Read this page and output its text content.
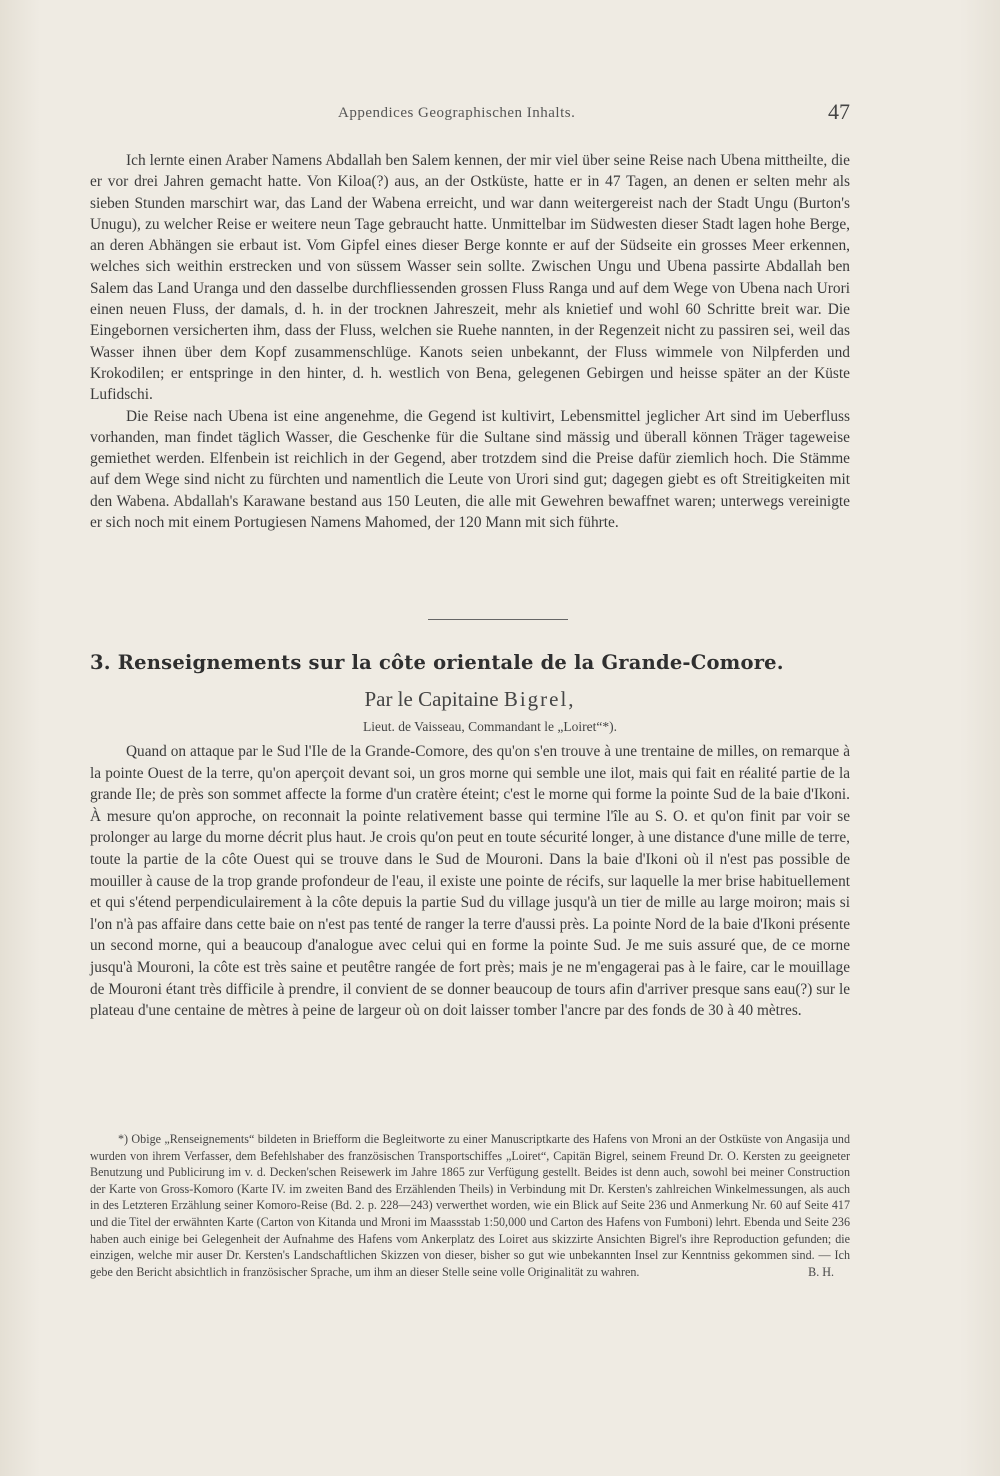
Appendices Geographischen Inhalts.	47

Ich lernte einen Araber Namens Abdallah ben Salem kennen, der mir viel über seine Reise nach Ubena mittheilte, die er vor drei Jahren gemacht hatte. Von Kiloa(?) aus, an der Ostküste, hatte er in 47 Tagen, an denen er selten mehr als sieben Stunden marschirt war, das Land der Wabena erreicht, und war dann weitergereist nach der Stadt Ungu (Burton's Unugu), zu welcher Reise er weitere neun Tage gebraucht hatte. Unmittelbar im Südwesten dieser Stadt lagen hohe Berge, an deren Abhängen sie erbaut ist. Vom Gipfel eines dieser Berge konnte er auf der Südseite ein grosses Meer erkennen, welches sich weithin erstrecken und von süssem Wasser sein sollte. Zwischen Ungu und Ubena passirte Abdallah ben Salem das Land Uranga und den dasselbe durchfliessenden grossen Fluss Ranga und auf dem Wege von Ubena nach Urori einen neuen Fluss, der damals, d. h. in der trocknen Jahreszeit, mehr als knietief und wohl 60 Schritte breit war. Die Eingebornen versicherten ihm, dass der Fluss, welchen sie Ruehe nannten, in der Regenzeit nicht zu passiren sei, weil das Wasser ihnen über dem Kopf zusammenschlüge. Kanots seien unbekannt, der Fluss wimmele von Nilpferden und Krokodilen; er entspringe in den hinter, d. h. westlich von Bena, gelegenen Gebirgen und heisse später an der Küste Lufidschi.

Die Reise nach Ubena ist eine angenehme, die Gegend ist kultivirt, Lebensmittel jeglicher Art sind im Ueberfluss vorhanden, man findet täglich Wasser, die Geschenke für die Sultane sind mässig und überall können Träger tageweise gemiethet werden. Elfenbein ist reichlich in der Gegend, aber trotzdem sind die Preise dafür ziemlich hoch. Die Stämme auf dem Wege sind nicht zu fürchten und namentlich die Leute von Urori sind gut; dagegen giebt es oft Streitigkeiten mit den Wabena. Abdallah's Karawane bestand aus 150 Leuten, die alle mit Gewehren bewaffnet waren; unterwegs vereinigte er sich noch mit einem Portugiesen Namens Mahomed, der 120 Mann mit sich führte.

3. Renseignements sur la côte orientale de la Grande-Comore.
Par le Capitaine Bigrel,
Lieut. de Vaisseau, Commandant le „Loiret“*).

Quand on attaque par le Sud l'Ile de la Grande-Comore, des qu'on s'en trouve à une trentaine de milles, on remarque à la pointe Ouest de la terre, qu'on aperçoit devant soi, un gros morne qui semble une ilot, mais qui fait en réalité partie de la grande Ile; de près son sommet affecte la forme d'un cratère éteint; c'est le morne qui forme la pointe Sud de la baie d'Ikoni. À mesure qu'on approche, on reconnait la pointe relativement basse qui termine l'île au S. O. et qu'on finit par voir se prolonger au large du morne décrit plus haut. Je crois qu'on peut en toute sécurité longer, à une distance d'une mille de terre, toute la partie de la côte Ouest qui se trouve dans le Sud de Mouroni. Dans la baie d'Ikoni où il n'est pas possible de mouiller à cause de la trop grande profondeur de l'eau, il existe une pointe de récifs, sur laquelle la mer brise habituellement et qui s'étend perpendiculairement à la côte depuis la partie Sud du village jusqu'à un tier de mille au large moiron; mais si l'on n'à pas affaire dans cette baie on n'est pas tenté de ranger la terre d'aussi près. La pointe Nord de la baie d'Ikoni présente un second morne, qui a beaucoup d'analogue avec celui qui en forme la pointe Sud. Je me suis assuré que, de ce morne jusqu'à Mouroni, la côte est très saine et peutêtre rangée de fort près; mais je ne m'engagerai pas à le faire, car le mouillage de Mouroni étant très difficile à prendre, il convient de se donner beaucoup de tours afin d'arriver presque sans eau(?) sur le plateau d'une centaine de mètres à peine de largeur où on doit laisser tomber l'ancre par des fonds de 30 à 40 mètres.

*) Obige „Renseignements“ bildeten in Briefform die Begleitworte zu einer Manuscriptkarte des Hafens von Mroni an der Ostküste von Angasija und wurden von ihrem Verfasser, dem Befehlshaber des französischen Transportschiffes „Loiret“, Capitän Bigrel, seinem Freund Dr. O. Kersten zu geeigneter Benutzung und Publicirung im v. d. Decken'schen Reisewerk im Jahre 1865 zur Verfügung gestellt. Beides ist denn auch, sowohl bei meiner Construction der Karte von Gross-Komoro (Karte IV. im zweiten Band des Erzählenden Theils) in Verbindung mit Dr. Kersten's zahlreichen Winkelmessungen, als auch in des Letzteren Erzählung seiner Komoro-Reise (Bd. 2. p. 228—243) verwerthet worden, wie ein Blick auf Seite 236 und Anmerkung Nr. 60 auf Seite 417 und die Titel der erwähnten Karte (Carton von Kitanda und Mroni im Maassstab 1:50,000 und Carton des Hafens von Fumboni) lehrt. Ebenda und Seite 236 haben auch einige bei Gelegenheit der Aufnahme des Hafens vom Ankerplatz des Loiret aus skizzirte Ansichten Bigrel's ihre Reproduction gefunden; die einzigen, welche mir auser Dr. Kersten's Landschaftlichen Skizzen von dieser, bisher so gut wie unbekannten Insel zur Kenntniss gekommen sind. — Ich gebe den Bericht absichtlich in französischer Sprache, um ihm an dieser Stelle seine volle Originalität zu wahren.	B. H.
